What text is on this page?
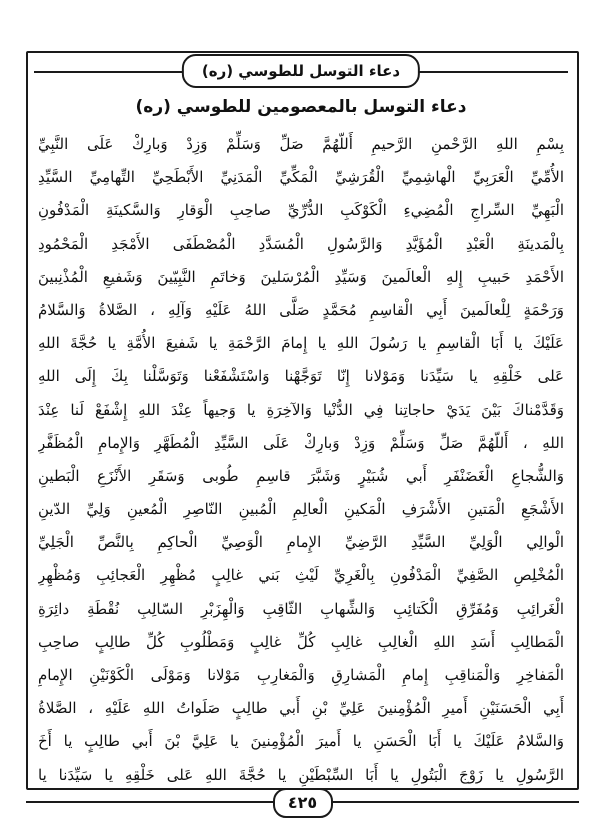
دعاء التوسل للطوسي (ره)
دعاء التوسل بالمعصومين للطوسي (ره)
بِسْمِ اللهِ الرَّحْمنِ الرَّحيمِ أَللّهُمَّ صَلِّ وَسَلِّمْ وَزِدْ وَبارِكْ عَلَى النَّبِيِّ
الأُمِّيِّ الْعَرَبِيِّ الْهاشِمِيِّ الْقُرَشِيِّ الْمَكِّيِّ الْمَدَنِيِّ الأَبْطَحِيِّ التِّهامِيِّ السَّيِّدِ
الْبَهِيِّ السِّراجِ الْمُضِيءِ الْكَوْكَبِ الدُّرِّيِّ صاحِبِ الْوَقارِ وَالسَّكينَةِ الْمَدْفُونِ
بِالْمَدينَةِ الْعَبْدِ الْمُؤَيَّدِ وَالرَّسُولِ الْمُسَدَّدِ الْمُصْطَفَى الأَمْجَدِ الْمَحْمُودِ
الأَحْمَدِ حَبيبِ إِلهِ الْعالَمينَ وَسَيِّدِ الْمُرْسَلينَ وَخاتَمِ النَّبِيّينَ وَشَفيعِ الْمُذْنِبينَ
وَرَحْمَةٍ لِلْعالَمينَ أَبِي الْقاسِمِ مُحَمَّدٍ صَلَّى اللهُ عَلَيْهِ وَآلِهِ ، الصَّلاةُ وَالسَّلامُ
عَلَيْكَ يا أَبَا الْقاسِمِ يا رَسُولَ اللهِ يا إِمامَ الرَّحْمَةِ يا شَفيعَ الأُمَّةِ يا حُجَّةَ اللهِ
عَلى خَلْقِهِ يا سَيِّدَنا وَمَوْلانا إِنّا تَوَجَّهْنا وَاسْتَشْفَعْنا وَتَوَسَّلْنا بِكَ إِلَى اللهِ
وَقَدَّمْناكَ بَيْنَ يَدَيْ حاجاتِنا فِي الدُّنْيا وَالآخِرَةِ يا وَجيهاً عِنْدَ اللهِ إِشْفَعْ لَنا عِنْدَ
اللهِ ، أَللّهُمَّ صَلِّ وَسَلِّمْ وَزِدْ وَبارِكْ عَلَى السَّيِّدِ الْمُطَهَّرِ وَالإِمامِ الْمُظَفَّرِ
وَالشُّجاعِ الْغَضَنْفَرِ أَبي شُبَيْرٍ وَشَبَّرَ قاسِمِ طُوبى وَسَقَرِ الأَنْزَعِ الْبَطينِ
الأَشْجَعِ الْمَتينِ الأَشْرَفِ الْمَكينِ الْعالِمِ الْمُبينِ النّاصِرِ الْمُعينِ وَلِيِّ الدّينِ
الْوالِي الْوَلِيِّ السَّيِّدِ الرَّضِيِّ الإِمامِ الْوَصِيِّ الْحاكِمِ بِالنَّصِّ الْجَلِيِّ
الْمُخْلِصِ الصَّفِيِّ الْمَدْفُونِ بِالْغَرِيِّ لَيْثِ بَني غالِبٍ مُظْهِرِ الْعَجائِبِ وَمُظْهِرِ
الْغَرائِبِ وَمُفَرِّقِ الْكَتائِبِ وَالشِّهابِ الثّاقِبِ وَالْهِزَبْرِ السّالِبِ نُقْطَةِ دائِرَةِ
الْمَطالِبِ أَسَدِ اللهِ الْغالِبِ غالِبِ كُلِّ غالِبٍ وَمَطْلُوبِ كُلِّ طالِبٍ صاحِبِ
الْمَفاخِرِ وَالْمَناقِبِ إِمامِ الْمَشارِقِ وَالْمَغارِبِ مَوْلانا وَمَوْلَى الْكَوْنَيْنِ الإِمامِ
أَبِي الْحَسَنَيْنِ أَميرِ الْمُؤْمِنينَ عَلِيِّ بْنِ أَبي طالِبٍ صَلَواتُ اللهِ عَلَيْهِ ، الصَّلاةُ
وَالسَّلامُ عَلَيْكَ يا أَبَا الْحَسَنِ يا أَميرَ الْمُؤْمِنينَ يا عَلِيَّ بْنَ أَبي طالِبٍ يا أَخَ
الرَّسُولِ يا زَوْجَ الْبَتُولِ يا أَبَا السِّبْطَيْنِ يا حُجَّةَ اللهِ عَلى خَلْقِهِ يا سَيِّدَنا يا
٤٢٥
